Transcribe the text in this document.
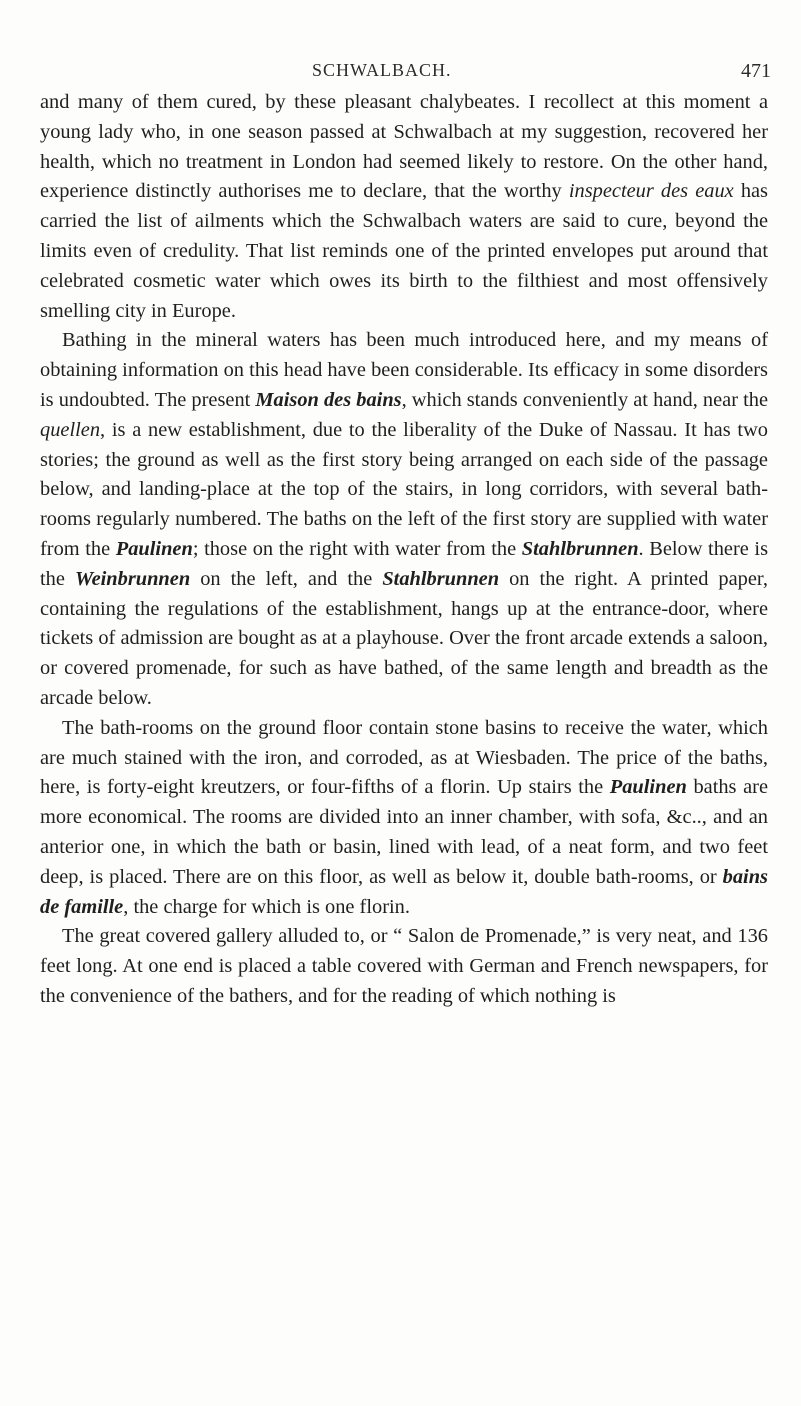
SCHWALBACH.	471

and many of them cured, by these pleasant chalybeates. I recollect at this moment a young lady who, in one season passed at Schwalbach at my suggestion, recovered her health, which no treatment in London had seemed likely to restore. On the other hand, experience distinctly authorises me to declare, that the worthy inspecteur des eaux has carried the list of ailments which the Schwalbach waters are said to cure, beyond the limits even of credulity. That list reminds one of the printed envelopes put around that celebrated cosmetic water which owes its birth to the filthiest and most offensively smelling city in Europe.

Bathing in the mineral waters has been much introduced here, and my means of obtaining information on this head have been considerable. Its efficacy in some disorders is undoubted. The present Maison des bains, which stands conveniently at hand, near the quellen, is a new establishment, due to the liberality of the Duke of Nassau. It has two stories; the ground as well as the first story being arranged on each side of the passage below, and landing-place at the top of the stairs, in long corridors, with several bath-rooms regularly numbered. The baths on the left of the first story are supplied with water from the Paulinen; those on the right with water from the Stahlbrunnen. Below there is the Weinbrunnen on the left, and the Stahlbrunnen on the right. A printed paper, containing the regulations of the establishment, hangs up at the entrance-door, where tickets of admission are bought as at a playhouse. Over the front arcade extends a saloon, or covered promenade, for such as have bathed, of the same length and breadth as the arcade below.

The bath-rooms on the ground floor contain stone basins to receive the water, which are much stained with the iron, and corroded, as at Wiesbaden. The price of the baths, here, is forty-eight kreutzers, or four-fifths of a florin. Up stairs the Paulinen baths are more economical. The rooms are divided into an inner chamber, with sofa, &c.., and an anterior one, in which the bath or basin, lined with lead, of a neat form, and two feet deep, is placed. There are on this floor, as well as below it, double bath-rooms, or bains de famille, the charge for which is one florin.

The great covered gallery alluded to, or “ Salon de Promenade,” is very neat, and 136 feet long. At one end is placed a table covered with German and French newspapers, for the convenience of the bathers, and for the reading of which nothing is
